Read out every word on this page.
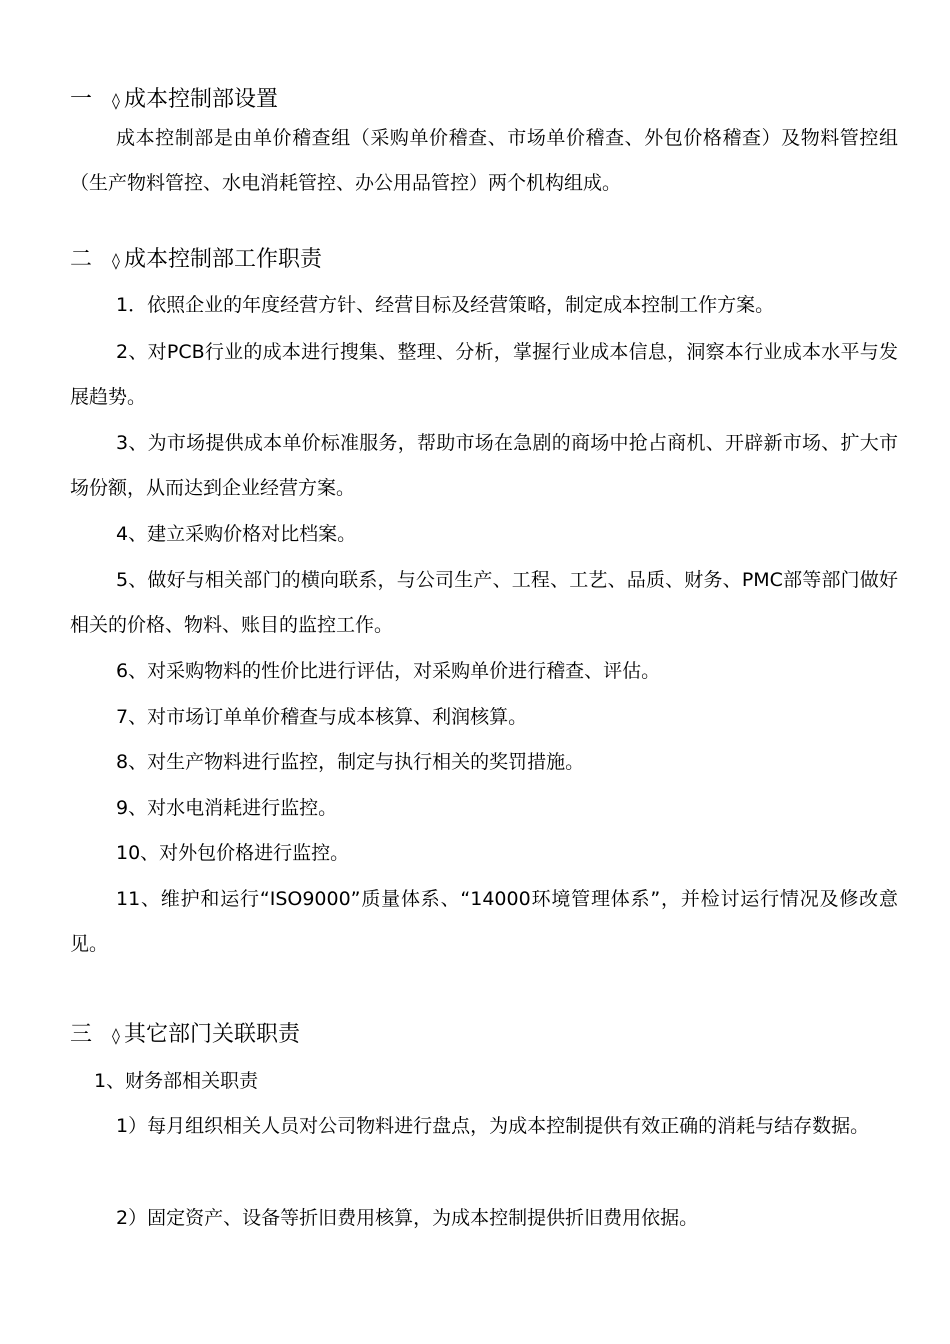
一 ◊ 成本控制部设置
成本控制部是由单价稽查组（采购单价稽查、市场单价稽查、外包价格稽查）及物料管控组（生产物料管控、水电消耗管控、办公用品管控）两个机构组成。
二 ◊ 成本控制部工作职责
1．依照企业的年度经营方针、经营目标及经营策略，制定成本控制工作方案。
2、对PCB行业的成本进行搜集、整理、分析，掌握行业成本信息，洞察本行业成本水平与发展趋势。
3、为市场提供成本单价标准服务，帮助市场在急剧的商场中抢占商机、开辟新市场、扩大市场份额，从而达到企业经营方案。
4、建立采购价格对比档案。
5、做好与相关部门的横向联系，与公司生产、工程、工艺、品质、财务、PMC部等部门做好相关的价格、物料、账目的监控工作。
6、对采购物料的性价比进行评估，对采购单价进行稽查、评估。
7、对市场订单单价稽查与成本核算、利润核算。
8、对生产物料进行监控，制定与执行相关的奖罚措施。
9、对水电消耗进行监控。
10、对外包价格进行监控。
11、维护和运行“ISO9000”质量体系、“14000环境管理体系”，并检讨运行情况及修改意见。
三 ◊ 其它部门关联职责
1、财务部相关职责
1）每月组织相关人员对公司物料进行盘点，为成本控制提供有效正确的消耗与结存数据。
2）固定资产、设备等折旧费用核算，为成本控制提供折旧费用依据。
